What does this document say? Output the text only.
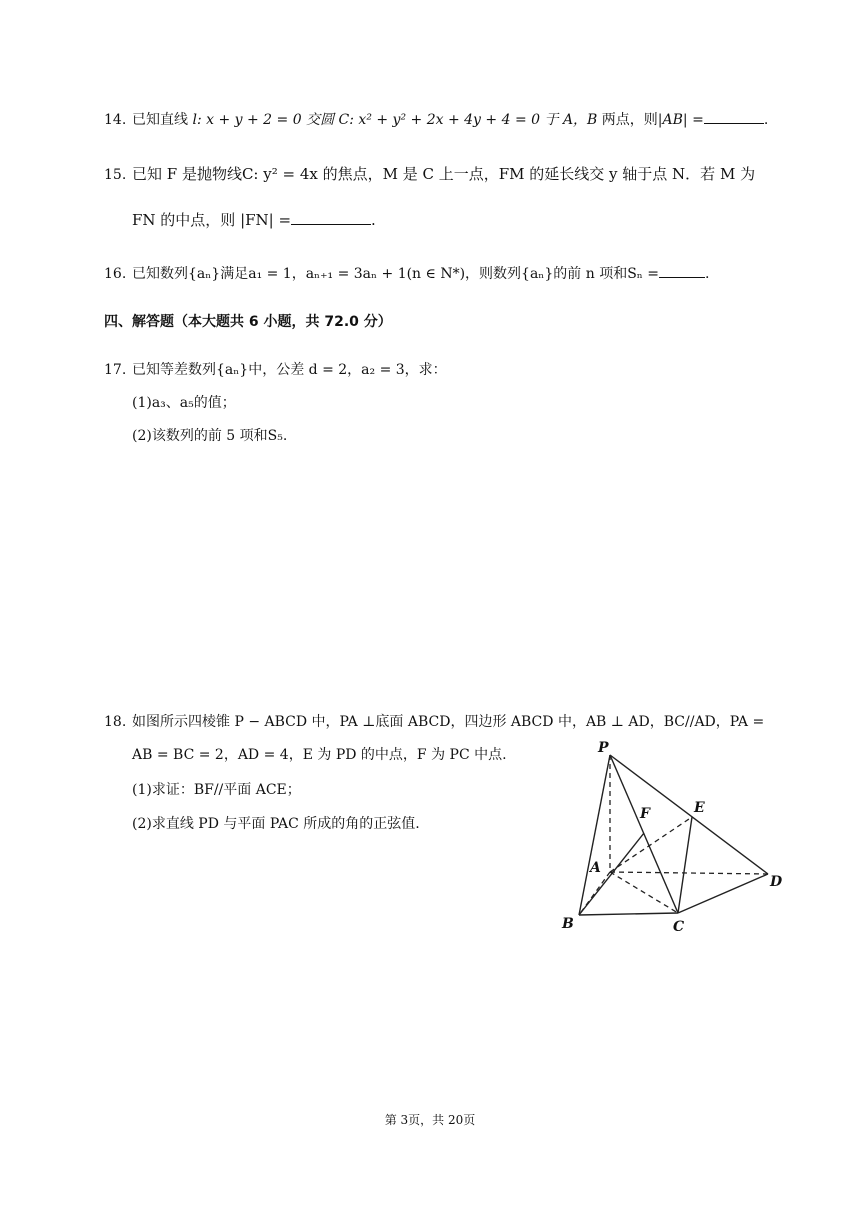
14. 已知直线 l: x + y + 2 = 0 交圆 C: x² + y² + 2x + 4y + 4 = 0 于 A，B 两点，则|AB| =	.
15. 已知 F 是抛物线C: y² = 4x 的焦点，M 是 C 上一点，FM 的延长线交 y 轴于点 N．若 M 为
FN 的中点，则 |FN| =	.
16. 已知数列{aₙ}满足a₁ = 1，aₙ₊₁ = 3aₙ + 1(n ∈ N*)，则数列{aₙ}的前 n 项和Sₙ =	.
四、解答题（本大题共 6 小题，共 72.0 分）
17. 已知等差数列{aₙ}中，公差 d = 2，a₂ = 3，求：
(1)a₃、a₅的值；
(2)该数列的前 5 项和S₅.
18. 如图所示四棱锥 P − ABCD 中，PA ⊥底面 ABCD，四边形 ABCD 中，AB ⊥ AD，BC//AD，PA =
AB = BC = 2，AD = 4，E 为 PD 的中点，F 为 PC 中点.
(1)求证：BF//平面 ACE；
(2)求直线 PD 与平面 PAC 所成的角的正弦值.
P
F	E
A
D
B	C
第 3页，共 20页
